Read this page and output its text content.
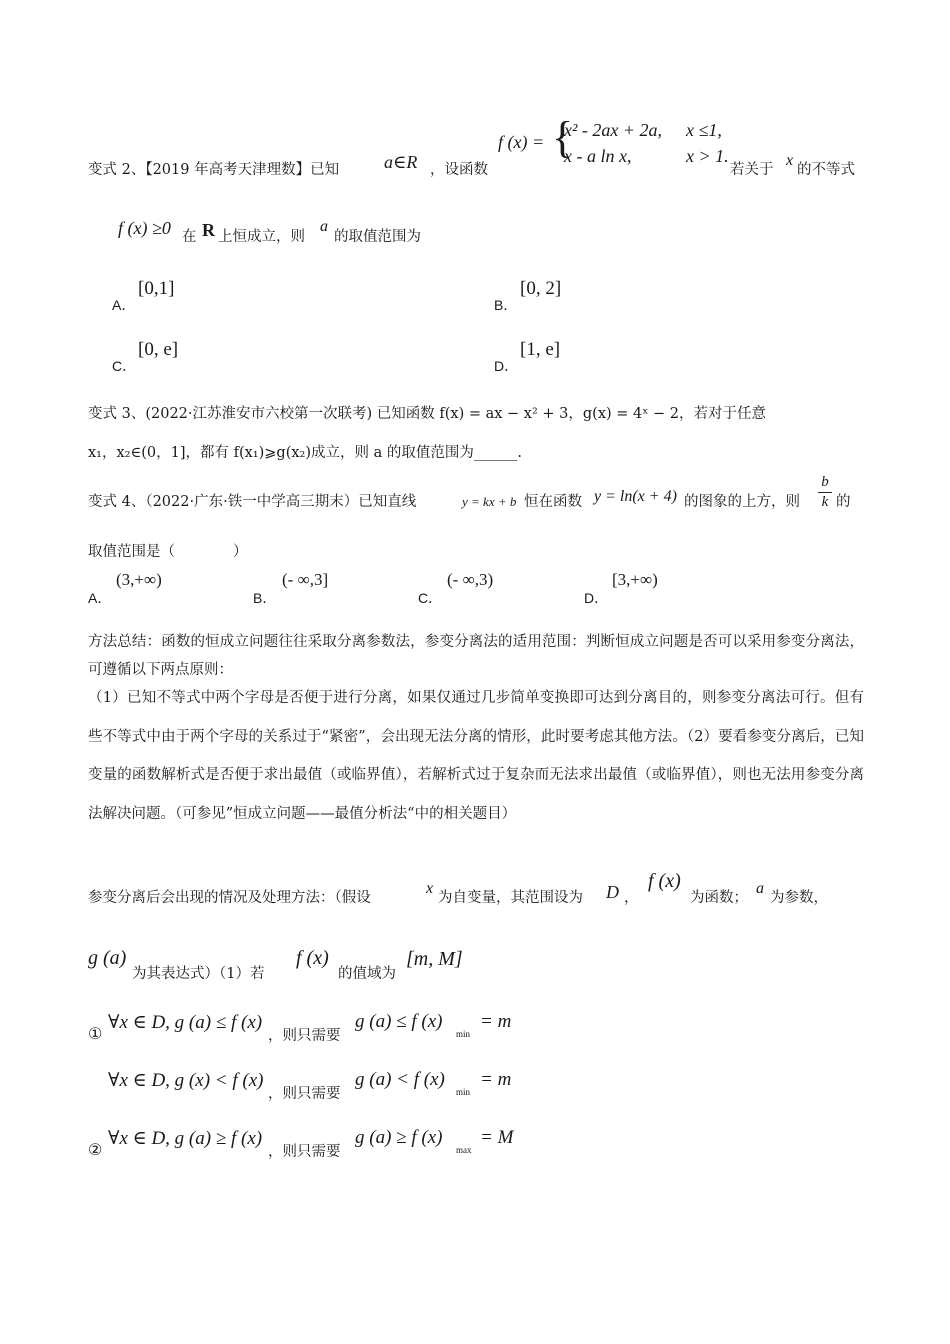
变式 2、【2019 年高考天津理数】已知 a∈R ，设函数
f (x) = {
x² - 2ax + 2a, x ≤1,
x - a ln x,	x > 1.
若关于
x
的不等式
f (x) ≥0 在 R 上恒成立，则
a
的取值范围为
A．
[0,1]
B．
[0, 2]
C．
[0, e]
D．
[1, e]
变式 3、(2022·江苏淮安市六校第一次联考) 已知函数 f(x) = ax − x² + 3，g(x) = 4ˣ − 2，若对于任意
x₁，x₂∈(0，1]，都有 f(x₁)⩾g(x₂)成立，则 a 的取值范围为______.
变式 4、（2022·广东·铁一中学高三期末）已知直线	y = kx + b 恒在函数 y = ln(x + 4) 的图象的上方，则
b
k 的
取值范围是（　　　　）
A．
(3,+∞)
B．
(- ∞,3]
C．
(- ∞,3)
D．
[3,+∞)
方法总结：函数的恒成立问题往往采取分离参数法，参变分离法的适用范围：判断恒成立问题是否可以采用参变分离法，可遵循以下两点原则：
（1）已知不等式中两个字母是否便于进行分离，如果仅通过几步简单变换即可达到分离目的，则参变分离法可行。但有些不等式中由于两个字母的关系过于“紧密”，会出现无法分离的情形，此时要考虑其他方法。（2）要看参变分离后，已知变量的函数解析式是否便于求出最值（或临界值），若解析式过于复杂而无法求出最值（或临界值），则也无法用参变分离法解决问题。（可参见”恒成立问题——最值分析法“中的相关题目）
参变分离后会出现的情况及处理方法：（假设
x
为自变量，其范围设为 D ，
f (x)
为函数；
a
为参数，
g (a)
为其表达式）（1）若
f (x)
的值域为
[m, M]
①
∀x ∈ D, g (a) ≤ f (x)
，则只需要
g (a) ≤ f (x)
min
= m
∀x ∈ D, g (x) < f (x)
，则只需要
g (a) < f (x)
min
= m
②
∀x ∈ D, g (a) ≥ f (x)
，则只需要
g (a) ≥ f (x)
max
= M
